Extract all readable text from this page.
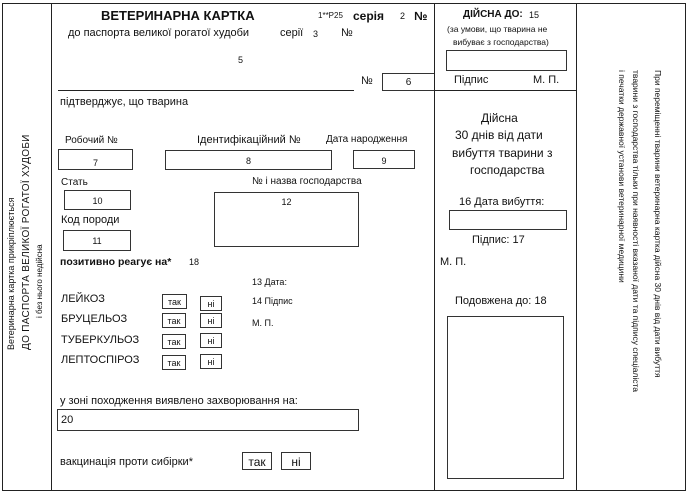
Ветеринарна картка прикріплюється ДО ПАСПОРТА ВЕЛИКОЇ РОГАТОЇ ХУДОБИ і без нього недійсна
ВЕТЕРИНАРНА КАРТКА	1**Р25 серія 2 №
до паспорта великої рогатої худоби	серії 3 №
5
№	6
підтверджує, що тварина
Робочий №
7
Ідентифікаційний №
8
Дата народження
9
Стать
10
№ і назва господарства
12
Код породи
11
позитивно реагує на* 18
13 Дата:
14 Підпис
М. П.
ЛЕЙКОЗ	так	ні
БРУЦЕЛЬОЗ	так	ні
ТУБЕРКУЛЬОЗ	так	ні
ЛЕПТОСПІРОЗ	так	ні
у зоні походження виявлено захворювання на:
20
вакцинація проти сибірки*	так	ні
ДІЙСНА ДО: 15
(за умови, що тварина не
вибуває з господарства)
Підпис	М. П.
Дійсна
30 днів від дати
вибуття тварини з
господарства
16 Дата вибуття:
Підпис: 17
М. П.
Подовжена до: 18	При переміщенні тварини ветеринарна картка дійсна 30 днів від дати вибуття
тварини з господарства тільки при наявності вказаної дати та підпису спеціаліста
і печатки державної установи ветеринарної медицини
